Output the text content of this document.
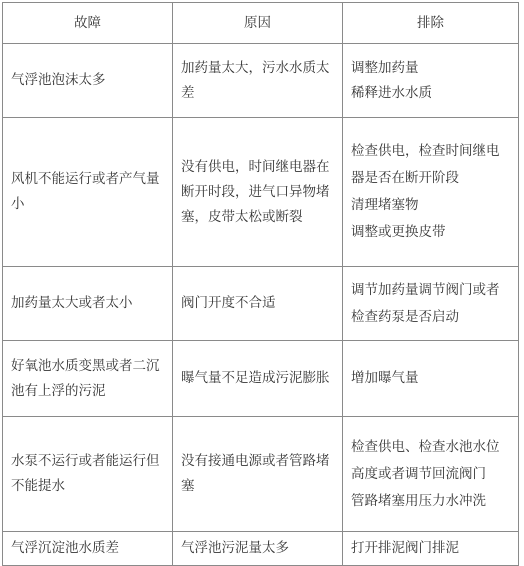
故障	原因	排除
气浮池泡沫太多	加药量太大，污水水质太差	调整加药量
稀释进水水质

风机不能运行或者产气量小	没有供电，时间继电器在断开时段，进气口异物堵塞，皮带太松或断裂	检查供电，检查时间继电器是否在断开阶段
清理堵塞物
调整或更换皮带

加药量太大或者太小	阀门开度不合适	调节加药量调节阀门或者
检查药泵是否启动

好氧池水质变黑或者二沉池有上浮的污泥	曝气量不足造成污泥膨胀	增加曝气量

水泵不运行或者能运行但不能提水	没有接通电源或者管路堵塞	检查供电、检查水池水位高度或者调节回流阀门
管路堵塞用压力水冲洗

气浮沉淀池水质差	气浮池污泥量太多	打开排泥阀门排泥
